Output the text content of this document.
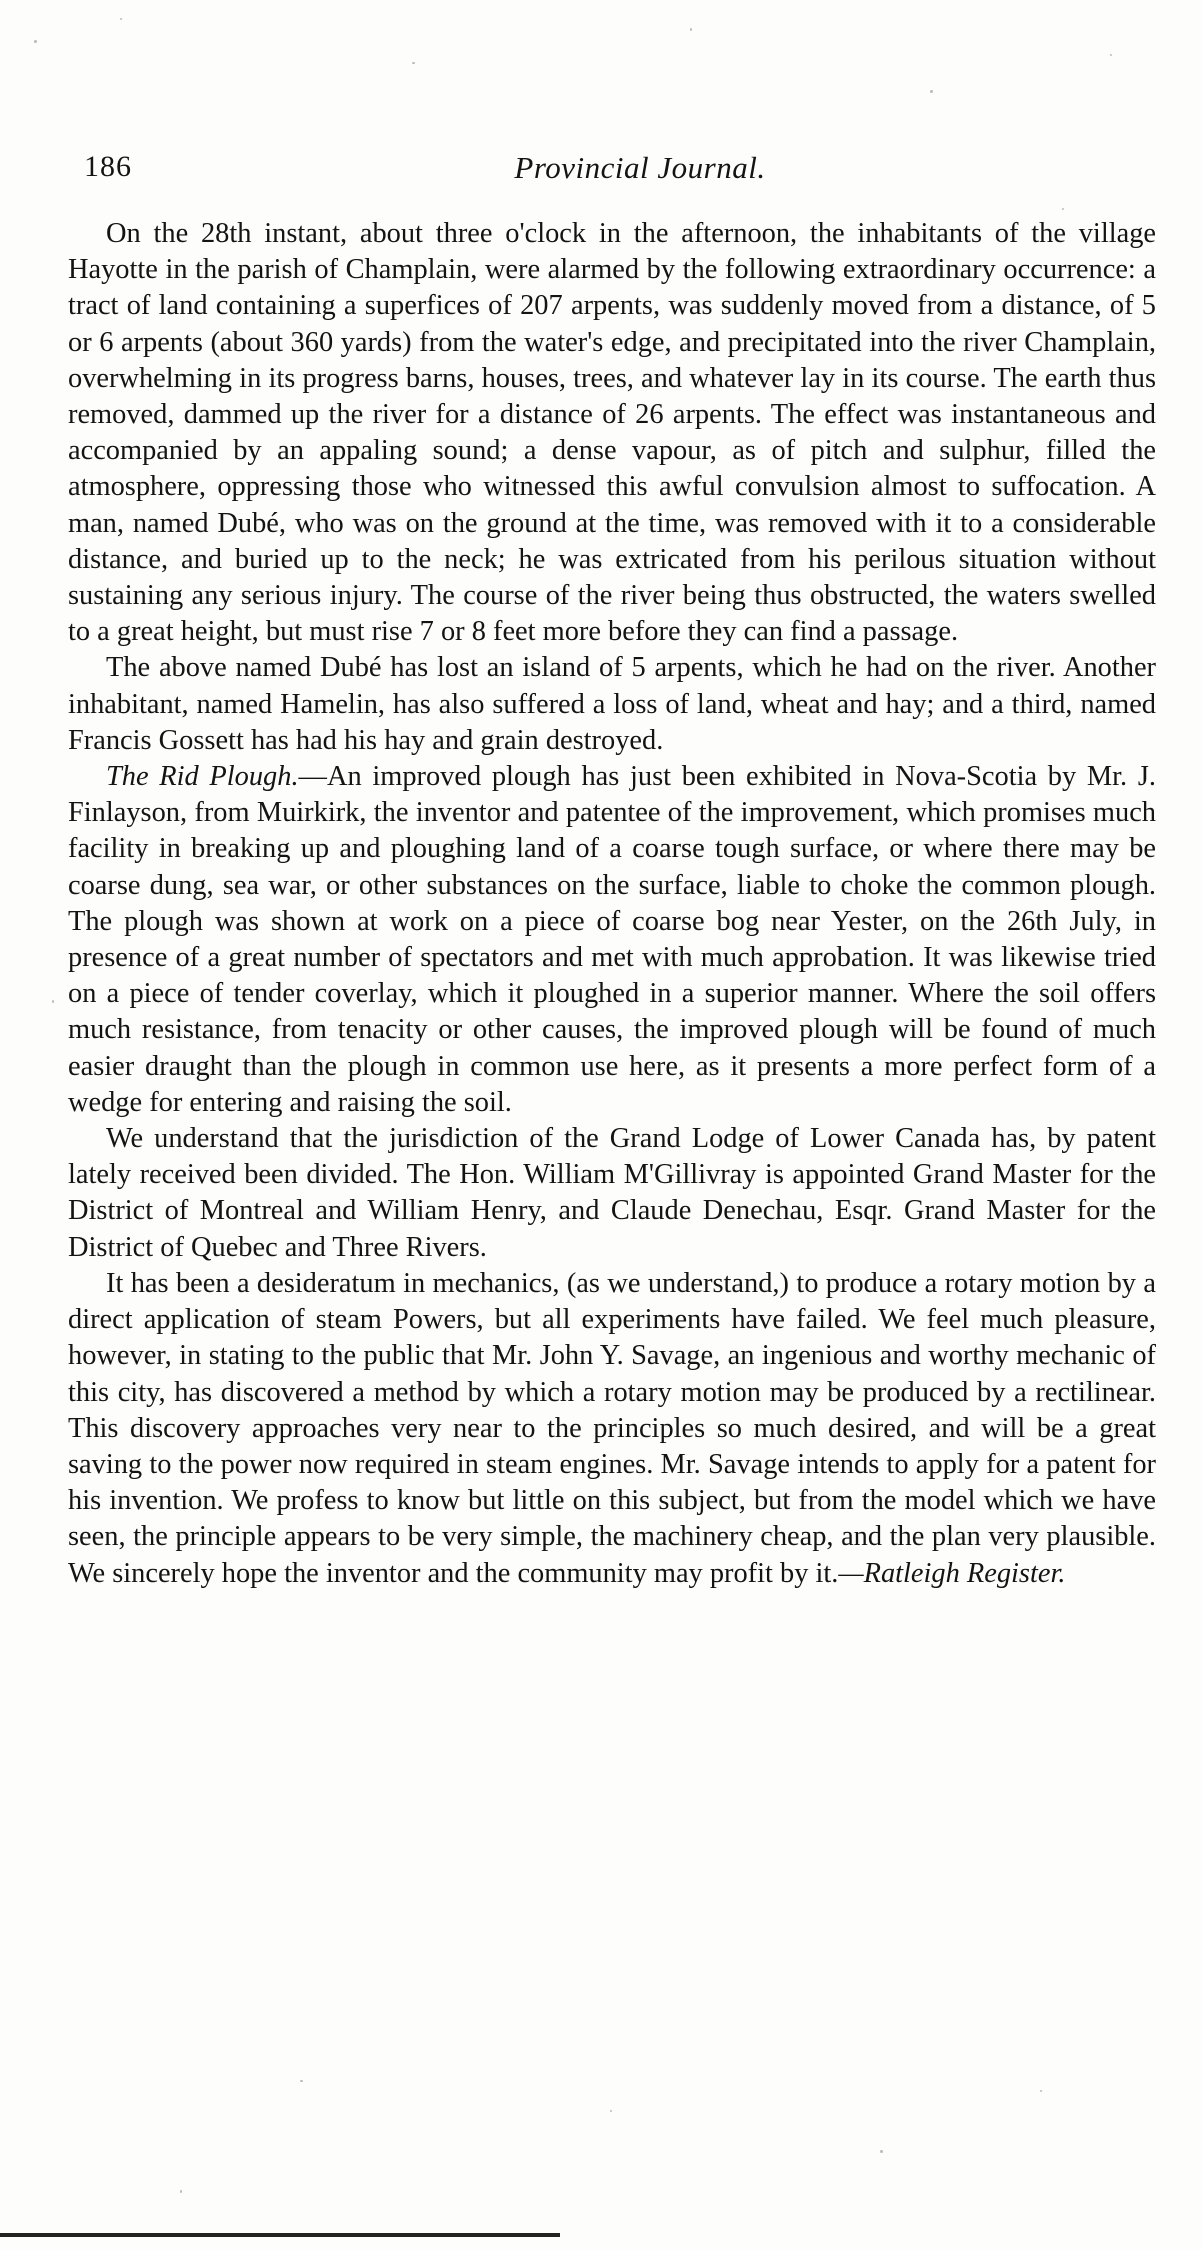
186	Provincial Journal.

On the 28th instant, about three o'clock in the afternoon, the inhabitants of the village Hayotte in the parish of Champlain, were alarmed by the following extraordinary occurrence: a tract of land containing a superfices of 207 arpents, was suddenly moved from a distance, of 5 or 6 arpents (about 360 yards) from the water's edge, and precipitated into the river Champlain, overwhelming in its progress barns, houses, trees, and whatever lay in its course. The earth thus removed, dammed up the river for a distance of 26 arpents. The effect was instantaneous and accompanied by an appaling sound; a dense vapour, as of pitch and sulphur, filled the atmosphere, oppressing those who witnessed this awful convulsion almost to suffocation. A man, named Dubé, who was on the ground at the time, was removed with it to a considerable distance, and buried up to the neck; he was extricated from his perilous situation without sustaining any serious injury. The course of the river being thus obstructed, the waters swelled to a great height, but must rise 7 or 8 feet more before they can find a passage.

The above named Dubé has lost an island of 5 arpents, which he had on the river. Another inhabitant, named Hamelin, has also suffered a loss of land, wheat and hay; and a third, named Francis Gossett has had his hay and grain destroyed.

The Rid Plough.—An improved plough has just been exhibited in Nova-Scotia by Mr. J. Finlayson, from Muirkirk, the inventor and patentee of the improvement, which promises much facility in breaking up and ploughing land of a coarse tough surface, or where there may be coarse dung, sea war, or other substances on the surface, liable to choke the common plough. The plough was shown at work on a piece of coarse bog near Yester, on the 26th July, in presence of a great number of spectators and met with much approbation. It was likewise tried on a piece of tender coverlay, which it ploughed in a superior manner. Where the soil offers much resistance, from tenacity or other causes, the improved plough will be found of much easier draught than the plough in common use here, as it presents a more perfect form of a wedge for entering and raising the soil.

We understand that the jurisdiction of the Grand Lodge of Lower Canada has, by patent lately received been divided. The Hon. William M'Gillivray is appointed Grand Master for the District of Montreal and William Henry, and Claude Denechau, Esqr. Grand Master for the District of Quebec and Three Rivers.

It has been a desideratum in mechanics, (as we understand,) to produce a rotary motion by a direct application of steam Powers, but all experiments have failed. We feel much pleasure, however, in stating to the public that Mr. John Y. Savage, an ingenious and worthy mechanic of this city, has discovered a method by which a rotary motion may be produced by a rectilinear. This discovery approaches very near to the principles so much desired, and will be a great saving to the power now required in steam engines. Mr. Savage intends to apply for a patent for his invention. We profess to know but little on this subject, but from the model which we have seen, the principle appears to be very simple, the machinery cheap, and the plan very plausible. We sincerely hope the inventor and the community may profit by it.—Ratleigh Register.
